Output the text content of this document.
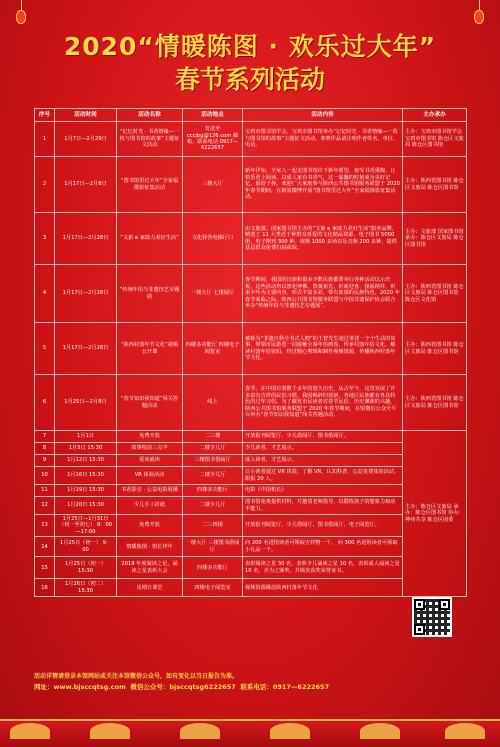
2020“情暖陈图 · 欢乐过大年”
春节系列活动
序号	活动时间	活动名称	活动地点	活动内容	主办承办
1	1月7日—2月29日	“记忆时光 · 书香情缘—一枚与图书馆的故事”主题征文活动	发送至 cccjbg@126.com 邮箱，联系电话 0917—6222657	宝鸡市图书馆学会、宝鸡市图书馆举办“记忆时光 · 书香情缘—一枚与图书馆的故事”主题征文活动，参赛作品请注明作者姓名、单位、电话。	主办：宝鸡市图书馆学会 宝鸡市图书馆 陈仓区文旅局 陈仓区图书馆
2	1月17日—2月8日	“图书馆里过大年”全家福摄影征集活动	三楼大厅	新年伊始，全家人一起走图书馆许下新年愿望，接受书香熏陶，让快乐更上阅读。以成人家有书香气，这一温馨的时刻成为美好记忆，留给子孙。欢迎广大家庭参与陕西公共图书馆服务联盟于 2020 年春节期间，在新浪微博开展“图书馆里过大年”全家福摄影征集活动。	主办：陕西省图书馆 陈仓区文旅局 陈仓区图书馆
3	1月17日—2月28日	“文旅 e 家助力美好生活”	文化驿各电梯厅口	由文旅部、国家图书馆主办的“文旅 e 家助力美好生活”服务品牌，精选了 11 大类近千种群众喜爱的文化精品资源，电子图书 5000 册，电子期刊 300 种，视频 1000 多场以及音频 200 多种，提供基层群众免费扫码获取。	主办：文旅部 国家图书馆 承办：陈仓区文旅局 陈仓区图书馆
4	1月17日—2月28日	“传统年俗与非遗技艺专题展	一楼大厅 七楼展厅	春节期间，我国的汉族和很多少数民族都要举行各种活动以示庆祝。这些活动均以祭祀神佛、祭奠祖先、祈新迎喜、接福纳祥、祈求丰年为主要内容，形式丰富多彩，带有浓郁的民族特色。2020 年春节来临之际，陕西公共图书馆服务联盟与中国非遗保护协会联合举办“传统年俗与非遗技艺专题展”。	主办：陕西省图书馆 陈仓区文旅局 陈仓区图书馆 陈仓区文化馆
5	1月17日—2月28日	“陕西村落年节文化”视频公开课	四楼多功能厅 四楼电子阅览室	被称为“非遗百科全书式人物”的王智先生通过讲述一个个生动的故事，带领市民游览一同接触全秦年俗画卷，传承村落年俗文化，解读村落年俗密码，经过精心剪辑和制作视频资源，传播陕西村落年节文化。	主办：陕西省图书馆 陈仓区文旅局 陈仓区图书馆
6	1月25日—2月8日	“春节知识我知道”闯关答题活动	线上	春节，在中国有着数千多年的悠久历史，从古至今，这里发展了许多富有吉祥的民俗习惯，我国喝辞旧迎新，各地区民族都有各具特色的过年习俗。为了激发市民读者对春节民俗、历史渊源的兴趣，陕西公共图书馆服务联盟于 2020 年春节期间，在馆微信公众号平台举办“春节知识我知道”闯关答题活动。	主办：陕西省图书馆 陈仓区文旅局 陈仓区图书馆
7	1月1日	免费开放	二三楼	开放报刊阅览厅、少儿借阅厅、图书借阅厅。	主办：陈仓区文旅局 承办：陈仓区图书馆 协办：神州共享 陈仓区团委
8	1月5日 15:30	故事绘前三点半	二楼少儿厅	少儿读者，才艺展示。	
9	1月12日 15:30	爱读就读	三楼图书借阅厅	成人读者，才艺展示。	
10	1月16日 15:30	VR 体验活动	二楼少儿厅	让小读者通过 VR 体验，了解 VR，认知科普，公益免费体验活动，限报 20 人。	
11	1月19日 15:30	书香影音 · 公益电影展播	四楼多功能厅	电影《中国机长》	
12	1月20日 15:30	少儿手工折纸	二楼少儿厅	图书馆免费提供材料，并邀请老师指导，以锻炼孩子的想象力和动手能力。	
13	1月25日—1月31日 （初一至初七） 9：00—17:00	免费开放	二三四楼	开放报刊阅览厅、少儿借阅厅、图书借阅厅、电子阅览厅。	
14	1月25日（初一） 9：00	情暖陈图 · 馆长拜年	一楼大厅 三楼图书借阅厅	向 200 名进馆读者可领取吉祥物一个。 向 300 名进馆读者可领取小礼品一个。	
15	1月25日（初一） 15:30	2019 年度阅读之星，诵读之星表彰大会	四楼多功能厅	表彰阅读之星 30 名，表彰少儿诵读之星 10 名，表彰成人诵读之星 10 名，并为之颁奖，并颁发获奖荣誉证书。	
16	1月26日（初二） 15:30	星期日课堂	四楼电子阅览室	视频资源播放陕西村落年节文化	
活动详情请登录本馆网站或关注本馆微信公众号，如有变化以当日报告为准。
网址：www.bjsccqtsg.com 微信公众号：bjsccqtsg6222657 联系电话：0917—6222657
